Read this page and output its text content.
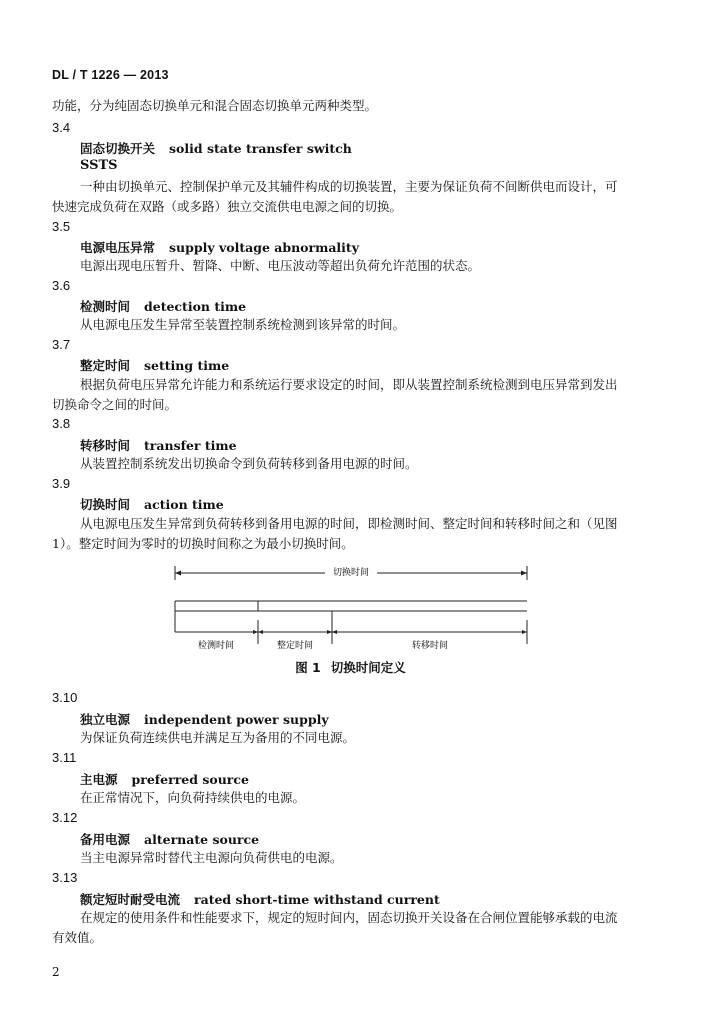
DL / T 1226 — 2013
功能，分为纯固态切换单元和混合固态切换单元两种类型。
3.4
固态切换开关 solid state transfer switch
SSTS
一种由切换单元、控制保护单元及其辅件构成的切换装置，主要为保证负荷不间断供电而设计，可
快速完成负荷在双路（或多路）独立交流供电电源之间的切换。
3.5
电源电压异常 supply voltage abnormality
电源出现电压暂升、暂降、中断、电压波动等超出负荷允许范围的状态。
3.6
检测时间 detection time
从电源电压发生异常至装置控制系统检测到该异常的时间。
3.7
整定时间 setting time
根据负荷电压异常允许能力和系统运行要求设定的时间，即从装置控制系统检测到电压异常到发出
切换命令之间的时间。
3.8
转移时间 transfer time
从装置控制系统发出切换命令到负荷转移到备用电源的时间。
3.9
切换时间 action time
从电源电压发生异常到负荷转移到备用电源的时间，即检测时间、整定时间和转移时间之和（见图
1）。整定时间为零时的切换时间称之为最小切换时间。
切换时间
检测时间	整定时间	转移时间
图 1 切换时间定义
3.10
独立电源 independent power supply
为保证负荷连续供电并满足互为备用的不同电源。
3.11
主电源 preferred source
在正常情况下，向负荷持续供电的电源。
3.12
备用电源 alternate source
当主电源异常时替代主电源向负荷供电的电源。
3.13
额定短时耐受电流 rated short-time withstand current
在规定的使用条件和性能要求下，规定的短时间内，固态切换开关设备在合闸位置能够承载的电流
有效值。
2
